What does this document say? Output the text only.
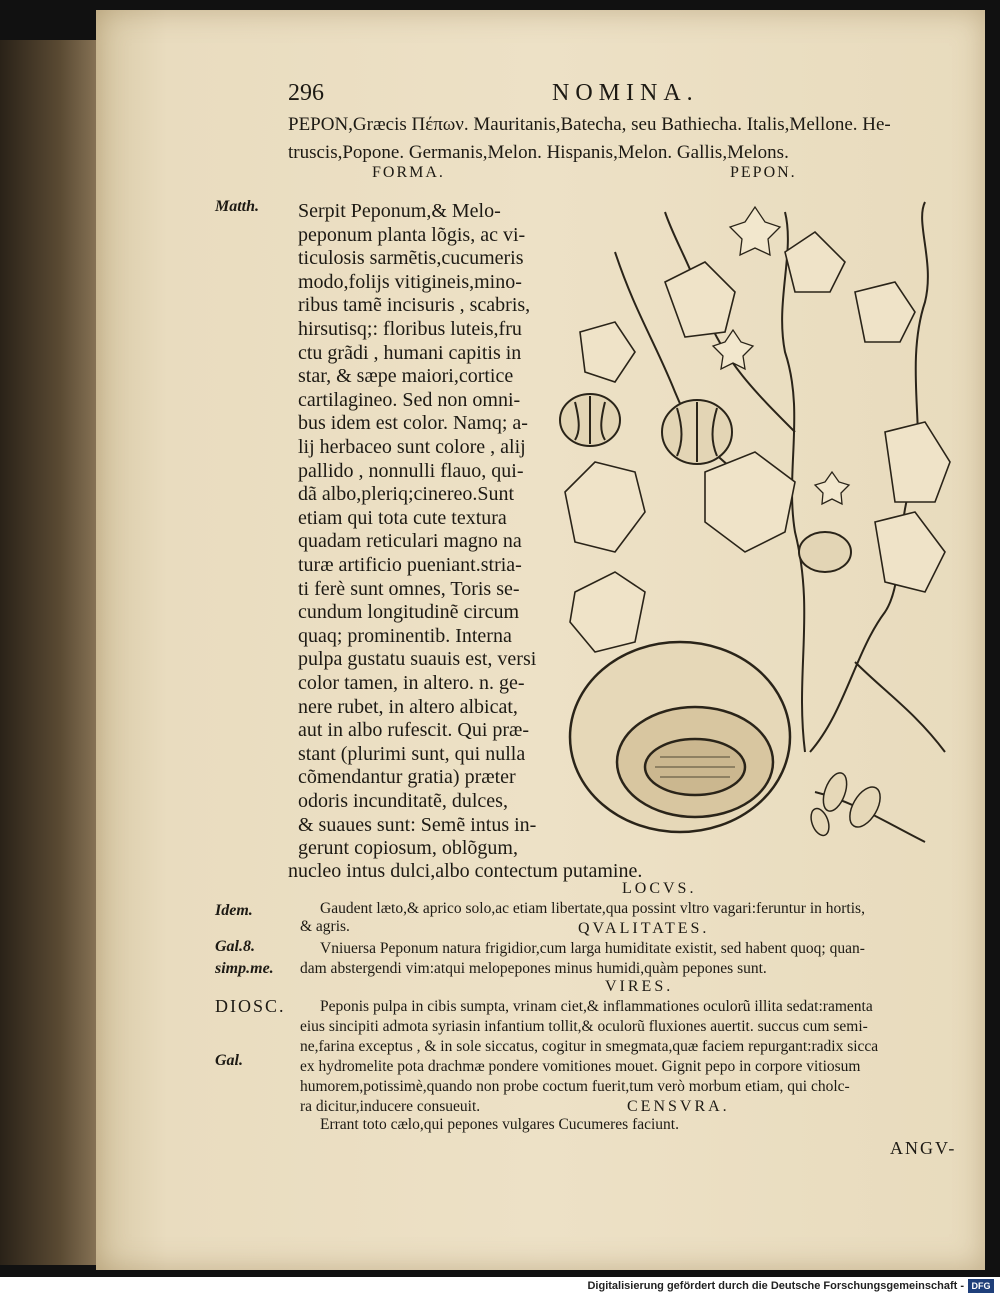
296	NOMINA.
PEPON,Græcis Πέπων. Mauritanis,Batecha, seu Bathiecha. Italis,Mellone. He-
truscis,Popone. Germanis,Melon. Hispanis,Melon. Gallis,Melons.
FORMA.	PEPON.
Matth.
Idem.
Gal.8.
simp.me.
DIOSC.
Gal.
Serpit Peponum,& Melo-
peponum planta lõgis, ac vi-
ticulosis sarmẽtis,cucumeris
modo,folijs vitigineis,mino-
ribus tamẽ incisuris , scabris,
hirsutisq;: floribus luteis,fru
ctu grãdi , humani capitis in
star, & sæpe maiori,cortice
cartilagineo. Sed non omni-
bus idem est color. Namq; a-
lij herbaceo sunt colore , alij
pallido , nonnulli flauo, qui-
dã albo,pleriq;cinereo.Sunt
etiam qui tota cute textura
quadam reticulari magno na
turæ artificio pueniant.stria-
ti ferè sunt omnes, Toris se-
cundum longitudinẽ circum
quaq; prominentib. Interna
pulpa gustatu suauis est, versi
color tamen, in altero. n. ge-
nere rubet, in altero albicat,
aut in albo rufescit. Qui præ-
stant (plurimi sunt, qui nulla
cõmendantur gratia) præter
odoris incunditatẽ, dulces,
& suaues sunt: Semẽ intus in-
gerunt copiosum, oblõgum,
nucleo intus dulci,albo contectum putamine.
LOCVS.
Gaudent læto,& aprico solo,ac etiam libertate,qua possint vltro vagari:feruntur in hortis,
& agris.	QVALITATES.
Vniuersa Peponum natura frigidior,cum larga humiditate existit, sed habent quoq; quan-
dam abstergendi vim:atqui melopepones minus humidi,quàm pepones sunt.
VIRES.
Peponis pulpa in cibis sumpta, vrinam ciet,& inflammationes oculorũ illita sedat:ramenta
eius sincipiti admota syriasin infantium tollit,& oculorũ fluxiones auertit. succus cum semi-
ne,farina exceptus , & in sole siccatus, cogitur in smegmata,quæ faciem repurgant:radix sicca
ex hydromelite pota drachmæ pondere vomitiones mouet. Gignit pepo in corpore vitiosum
humorem,potissimè,quando non probe coctum fuerit,tum verò morbum etiam, qui cholc-
ra dicitur,inducere consueuit.	CENSVRA.
Errant toto cælo,qui pepones vulgares Cucumeres faciunt.
ANGV-
Digitalisierung gefördert durch die Deutsche Forschungsgemeinschaft - DFG
